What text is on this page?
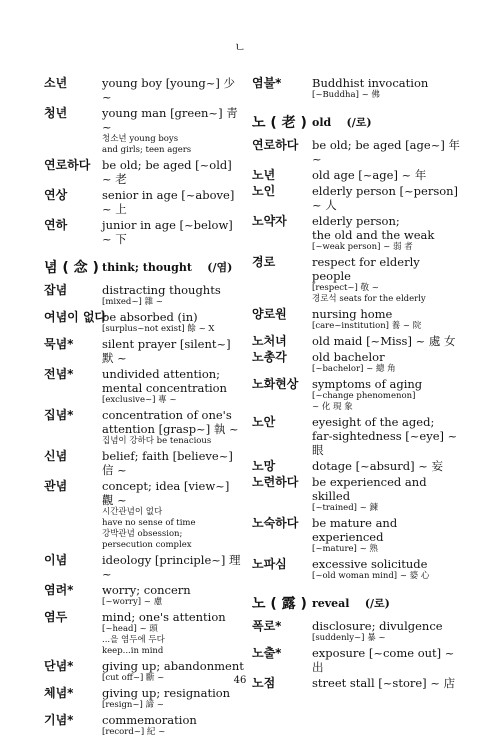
ㄴ
소년	young boy [young~] 少 ~
청년	young man [green~] 靑 ~
청소년 young boys
and girls; teen agers
연로하다 be old; be aged [~old] ~ 老
연상	senior in age [~above] ~ 上
연하	junior in age [~below] ~ 下
념 ( 念 ) think; thought (/염)
잡념	distracting thoughts
[mixed~] 雜 ~
여념이 없다
be absorbed (in)
[surplus~not exist] 餘 ~ X
묵념* silent prayer [silent~] 默 ~
전념* undivided attention;
mental concentration
[exclusive~] 專 ~
집념* concentration of one's
attention [grasp~] 執 ~
집념이 강하다 be tenacious
신념	belief; faith [believe~] 信 ~
관념	concept; idea [view~] 觀 ~
시간관념이 없다
have no sense of time
강박관념 obsession;
persecution complex
이념	ideology [principle~] 理 ~
염려* worry; concern
[~worry] ~ 慮
염두	mind; one's attention
[~head] ~ 頭
...을 염두에 두다
keep...in mind
단념* giving up; abandonment
[cut off~] 斷 ~
체념* giving up; resignation
[resign~] 諦 ~
기념* commemoration
[record~] 紀 ~
염불*	Buddhist invocation
[~Buddha] ~ 佛
노 ( 老 ) old (/로)
연로하다 be old; be aged [age~] 年 ~
노년	old age [~age] ~ 年
노인	elderly person [~person] ~ 人
노약자 elderly person;
the old and the weak
[~weak person] ~ 弱 者
경로	respect for elderly people
[respect~] 敬 ~
경로석 seats for the elderly
양로원 nursing home
[care~institution] 養 ~ 院
노처녀 old maid [~Miss] ~ 處 女
노총각 old bachelor
[~bachelor] ~ 總 角
노화현상 symptoms of aging
[~change phenomenon]
~ 化 現 象
노안	eyesight of the aged;
far-sightedness [~eye] ~ 眼
노망	dotage [~absurd] ~ 妄
노련하다 be experienced and skilled
[~trained] ~ 鍊
노숙하다 be mature and experienced
[~mature] ~ 熟
노파심 excessive solicitude
[~old woman mind] ~ 婆 心
노 ( 露 ) reveal (/로)
폭로*	disclosure; divulgence
[suddenly~] 暴 ~
노출*	exposure [~come out] ~ 出
노점	street stall [~store] ~ 店
46
